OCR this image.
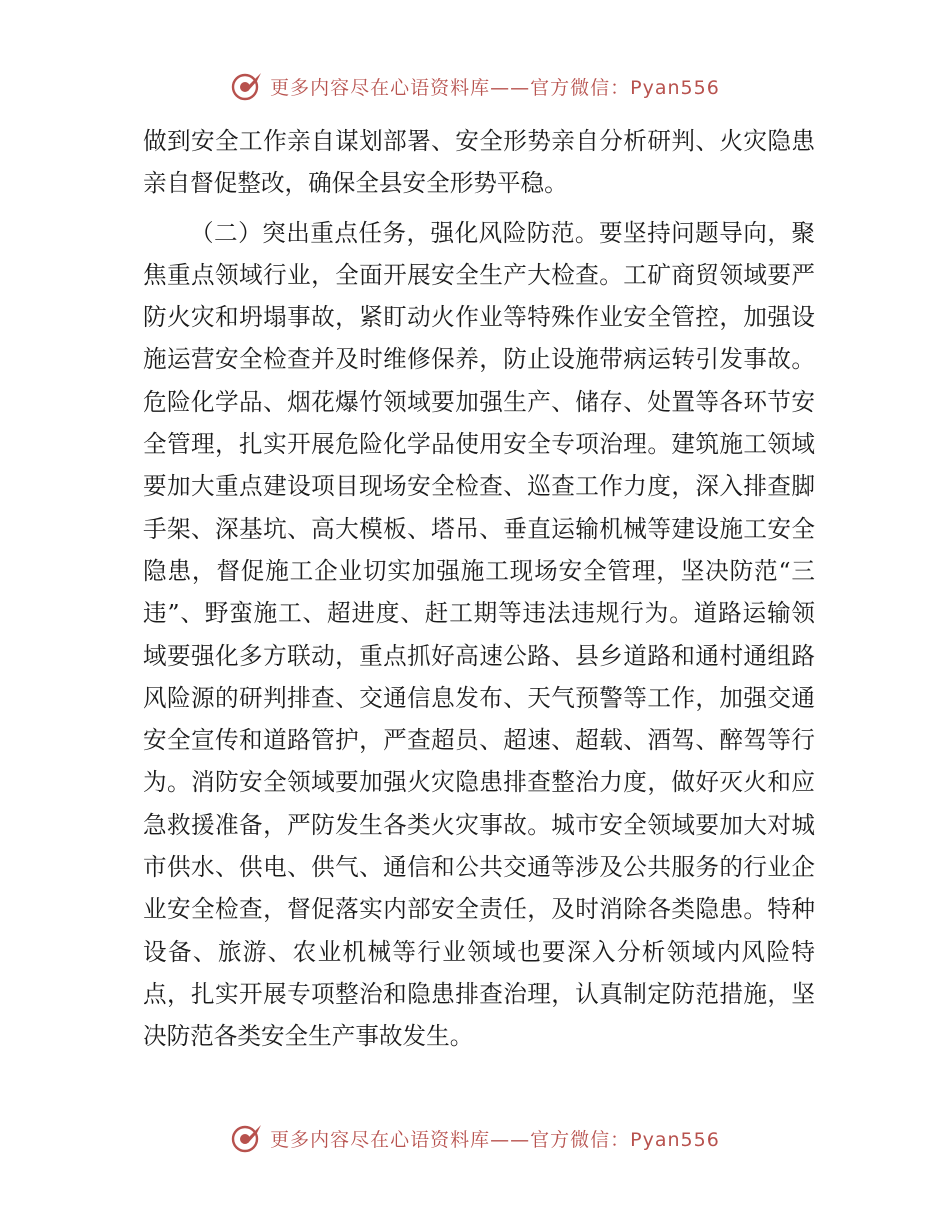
更多内容尽在心语资料库——官方微信：Pyan556

做到安全工作亲自谋划部署、安全形势亲自分析研判、火灾隐患亲自督促整改，确保全县安全形势平稳。

（二）突出重点任务，强化风险防范。要坚持问题导向，聚焦重点领域行业，全面开展安全生产大检查。工矿商贸领域要严防火灾和坍塌事故，紧盯动火作业等特殊作业安全管控，加强设施运营安全检查并及时维修保养，防止设施带病运转引发事故。危险化学品、烟花爆竹领域要加强生产、储存、处置等各环节安全管理，扎实开展危险化学品使用安全专项治理。建筑施工领域要加大重点建设项目现场安全检查、巡查工作力度，深入排查脚手架、深基坑、高大模板、塔吊、垂直运输机械等建设施工安全隐患，督促施工企业切实加强施工现场安全管理，坚决防范“三违”、野蛮施工、超进度、赶工期等违法违规行为。道路运输领域要强化多方联动，重点抓好高速公路、县乡道路和通村通组路风险源的研判排查、交通信息发布、天气预警等工作，加强交通安全宣传和道路管护，严查超员、超速、超载、酒驾、醉驾等行为。消防安全领域要加强火灾隐患排查整治力度，做好灭火和应急救援准备，严防发生各类火灾事故。城市安全领域要加大对城市供水、供电、供气、通信和公共交通等涉及公共服务的行业企业安全检查，督促落实内部安全责任，及时消除各类隐患。特种设备、旅游、农业机械等行业领域也要深入分析领域内风险特点，扎实开展专项整治和隐患排查治理，认真制定防范措施，坚决防范各类安全生产事故发生。

更多内容尽在心语资料库——官方微信：Pyan556
